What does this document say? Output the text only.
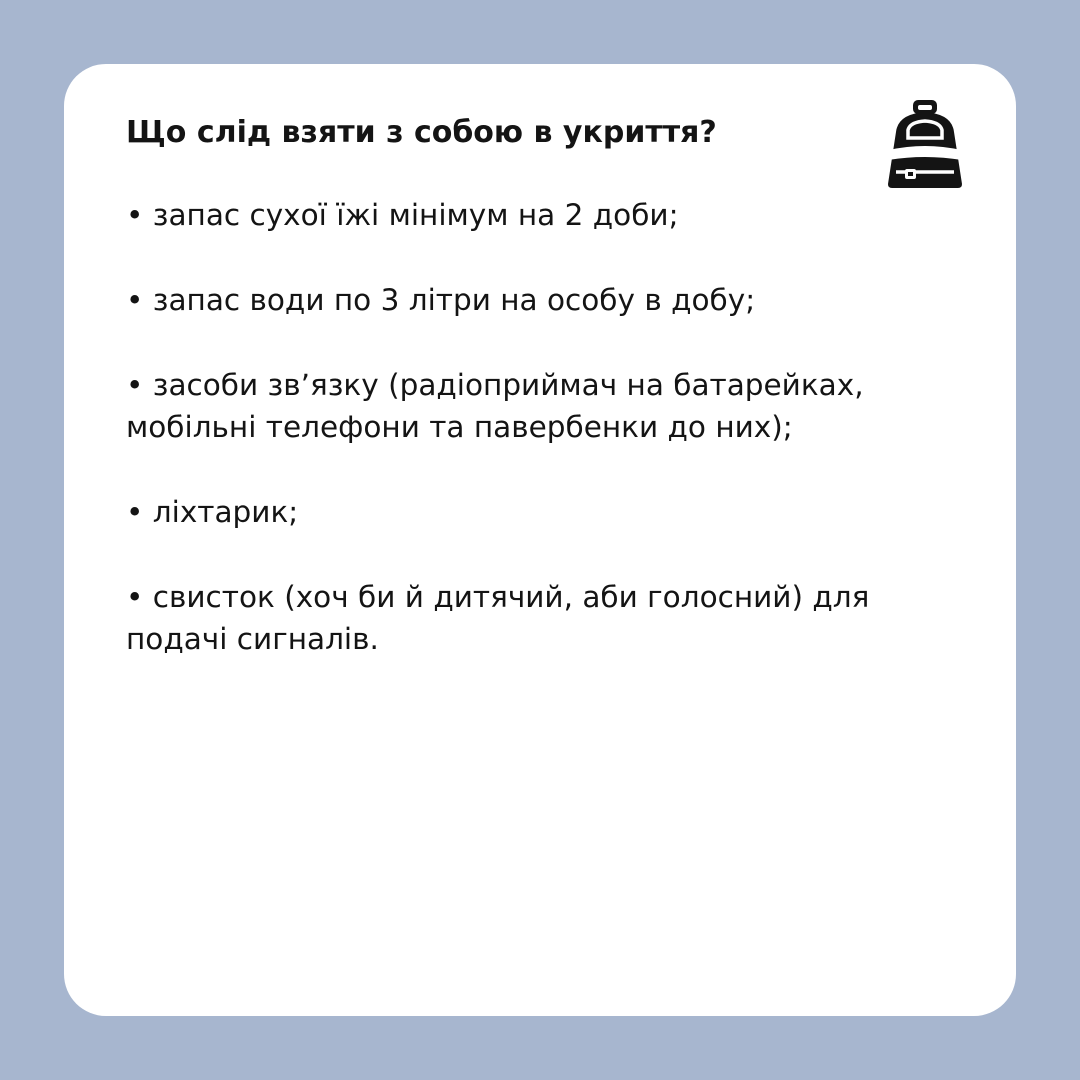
Що слід взяти з собою в укриття?
• запас сухої їжі мінімум на 2 доби;
• запас води по 3 літри на особу в добу;
• засоби зв’язку (радіоприймач на батарейках, мобільні телефони та павербенки до них);
• ліхтарик;
• свисток (хоч би й дитячий, аби голосний) для подачі сигналів.
